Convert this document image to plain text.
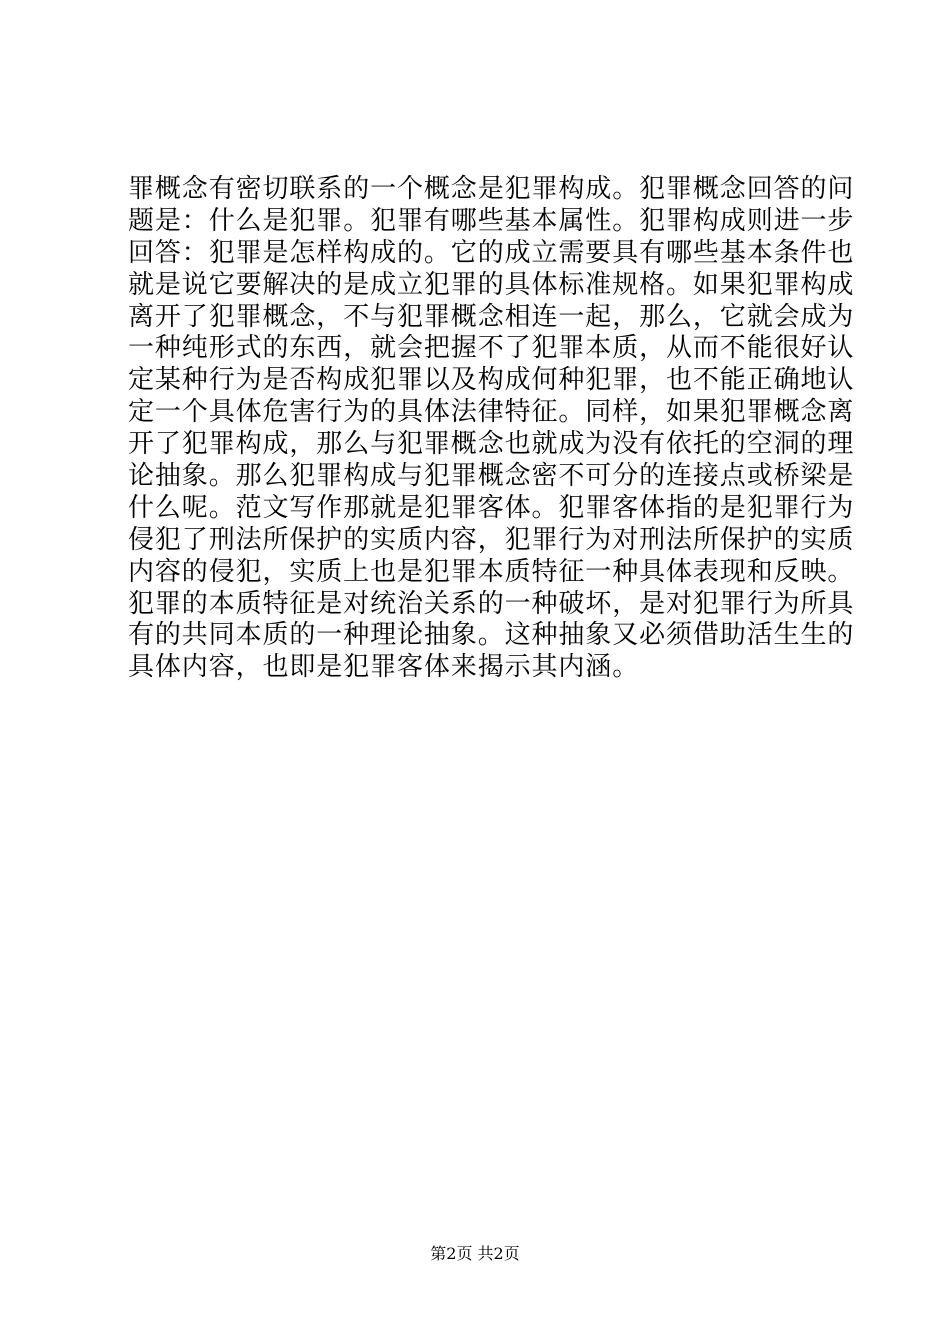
罪概念有密切联系的一个概念是犯罪构成。犯罪概念回答的问
题是：什么是犯罪。犯罪有哪些基本属性。犯罪构成则进一步
回答：犯罪是怎样构成的。它的成立需要具有哪些基本条件也
就是说它要解决的是成立犯罪的具体标准规格。如果犯罪构成
离开了犯罪概念，不与犯罪概念相连一起，那么，它就会成为
一种纯形式的东西，就会把握不了犯罪本质，从而不能很好认
定某种行为是否构成犯罪以及构成何种犯罪，也不能正确地认
定一个具体危害行为的具体法律特征。同样，如果犯罪概念离
开了犯罪构成，那么与犯罪概念也就成为没有依托的空洞的理
论抽象。那么犯罪构成与犯罪概念密不可分的连接点或桥梁是
什么呢。范文写作那就是犯罪客体。犯罪客体指的是犯罪行为
侵犯了刑法所保护的实质内容，犯罪行为对刑法所保护的实质
内容的侵犯，实质上也是犯罪本质特征一种具体表现和反映。
犯罪的本质特征是对统治关系的一种破坏，是对犯罪行为所具
有的共同本质的一种理论抽象。这种抽象又必须借助活生生的
具体内容，也即是犯罪客体来揭示其内涵。
第2页 共2页
